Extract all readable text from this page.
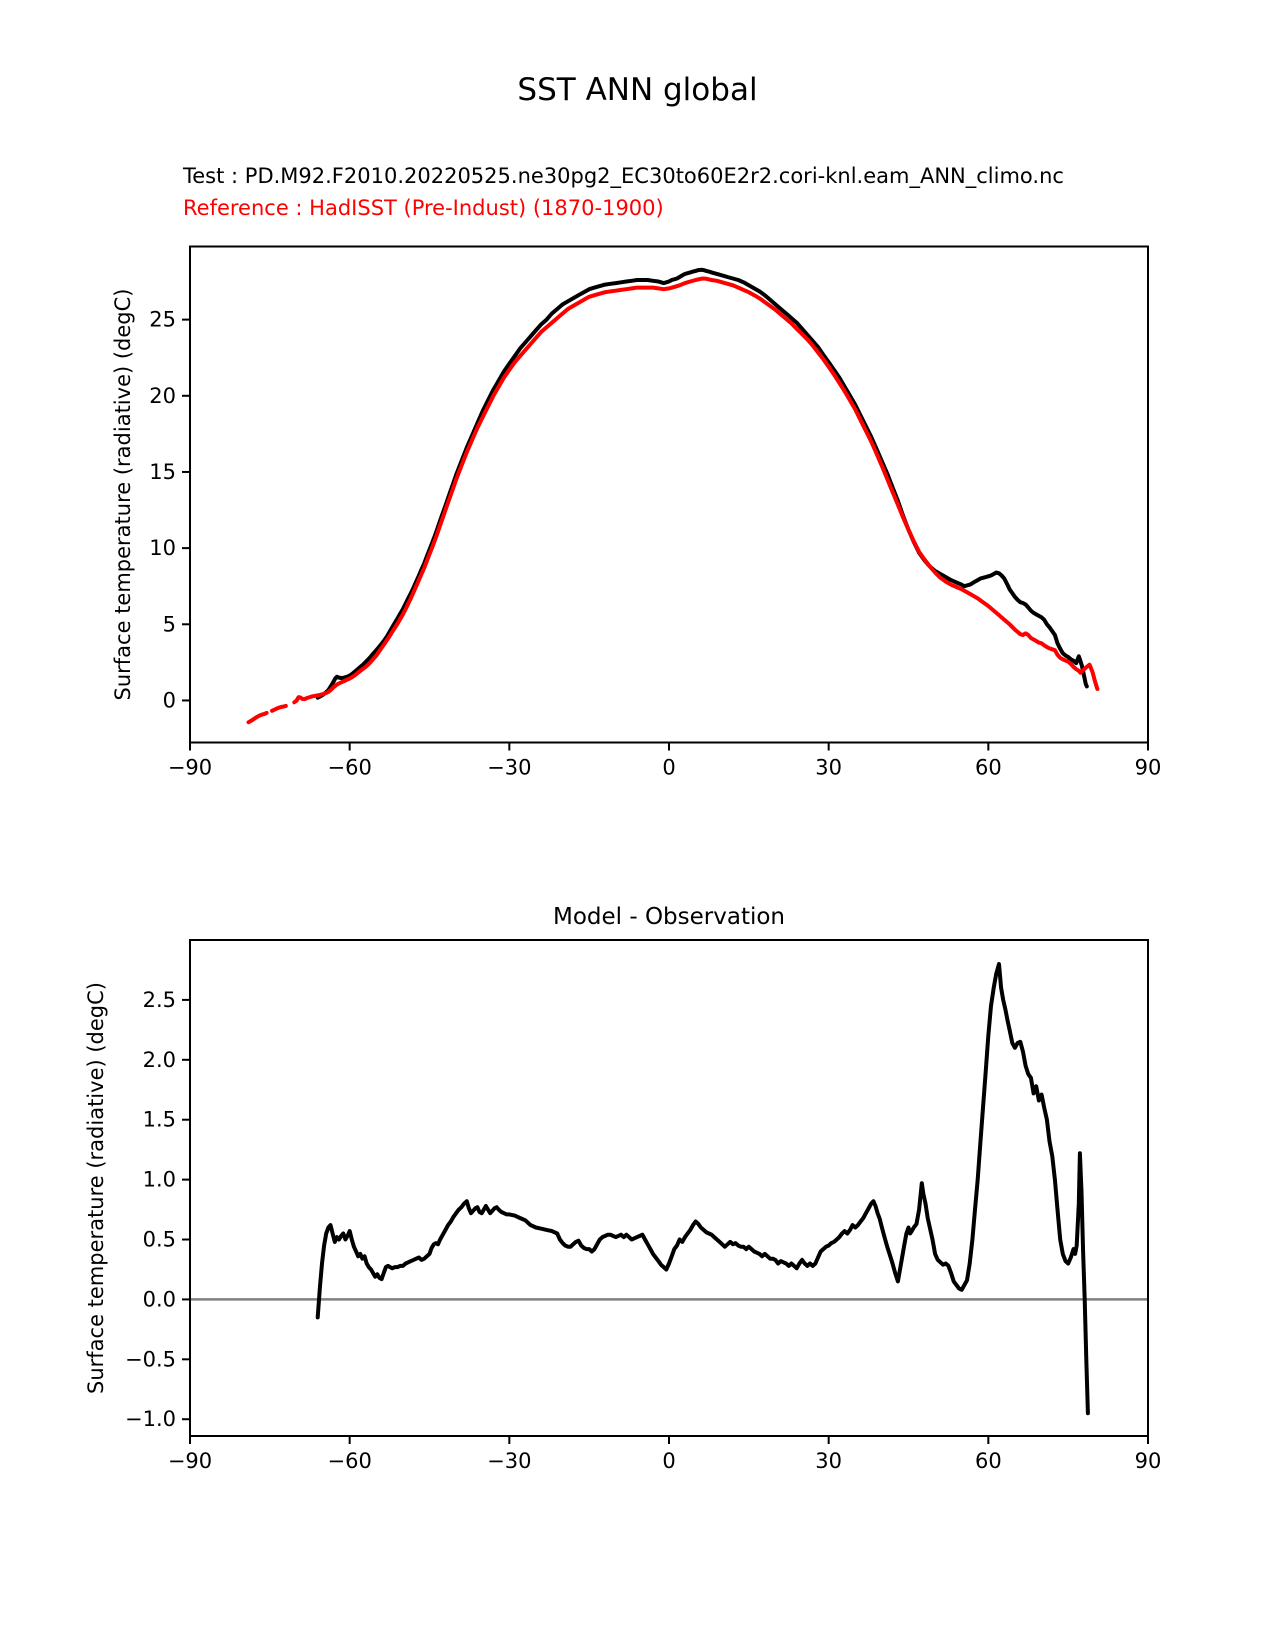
SST ANN global
Test : PD.M92.F2010.20220525.ne30pg2_EC30to60E2r2.cori-knl.eam_ANN_climo.nc
Reference : HadISST (Pre-Indust) (1870-1900)
−90	−60	−30	0	30	60	90
0
5
10
15
20
25
Surface temperature (radiative) (degC)
−90	−60	−30	0	30	60	90
−1.0
−0.5
0.0
0.5
1.0
1.5
2.0
2.5
Model - Observation
Surface temperature (radiative) (degC)
